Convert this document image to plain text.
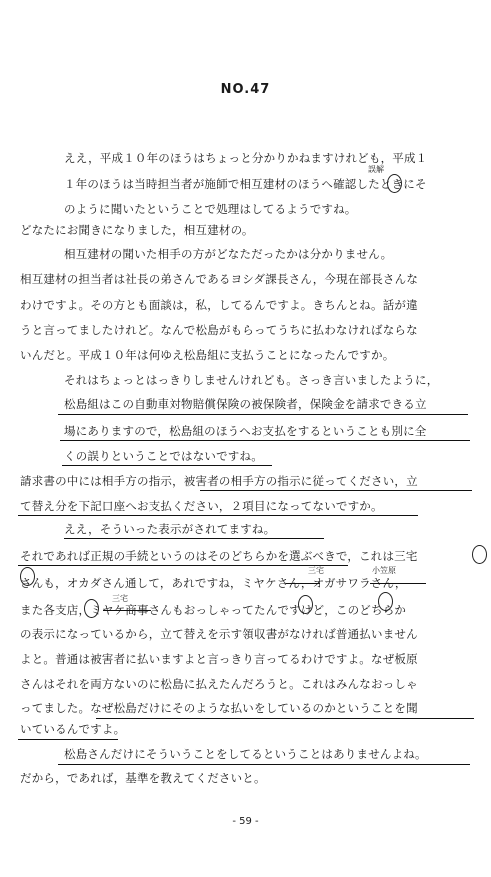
NO.47
ええ，平成１０年のほうはちょっと分かりかねますけれども，平成１
１年のほうは当時担当者が施師で相互建材のほうへ確認したときにそ
のように聞いたということで処理はしてるようですね。
どなたにお聞きになりました，相互建材の。
相互建材の聞いた相手の方がどなただったかは分かりません。
相互建材の担当者は社長の弟さんであるヨシダ課長さん，今現在部長さんな
わけですよ。その方とも面談は，私，してるんですよ。きちんとね。話が違
うと言ってましたけれど。なんで松島がもらってうちに払わなければならな
いんだと。平成１０年は何ゆえ松島組に支払うことになったんですか。
それはちょっとはっきりしませんけれども。さっき言いましたように，
松島組はこの自動車対物賠償保険の被保険者，保険金を請求できる立
場にありますので，松島組のほうへお支払をするということも別に全
くの誤りということではないですね。
請求書の中には相手方の指示，被害者の相手方の指示に従ってください，立
て替え分を下記口座へお支払ください，２項目になってないですか。
ええ，そういった表示がされてますね。
それであれば正規の手続というのはそのどちらかを選ぶべきで，これは三宅
さんも，オカダさん通して，あれですね，ミヤケさん，オガサワラさん，
また各支店，ミヤケ商事さんもおっしゃってたんですけど，このどちらか
の表示になっているから，立て替えを示す領収書がなければ普通払いません
よと。普通は被害者に払いますよと言っきり言ってるわけですよ。なぜ板原
さんはそれを両方ないのに松島に払えたんだろうと。これはみんなおっしゃ
ってました。なぜ松島だけにそのような払いをしているのかということを聞
いているんですよ。
松島さんだけにそういうことをしてるということはありませんよね。
だから，であれば，基準を教えてくださいと。
誤解
三宅	小笠原
三宅
- 59 -
